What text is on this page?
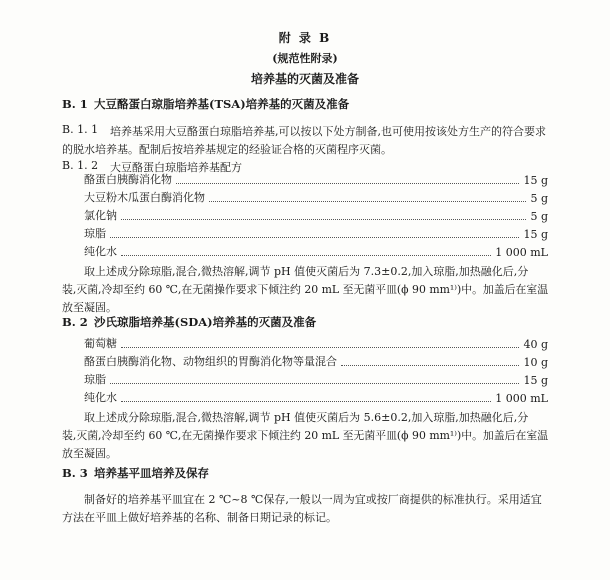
附 录 B
(规范性附录)
培养基的灭菌及准备
B. 1 大豆酪蛋白琼脂培养基(TSA)培养基的灭菌及准备
B. 1. 1 培养基采用大豆酪蛋白琼脂培养基,可以按以下处方制备,也可使用按该处方生产的符合要求
的脱水培养基。配制后按培养基规定的经验证合格的灭菌程序灭菌。
B. 1. 2 大豆酪蛋白琼脂培养基配方
酪蛋白胰酶消化物	15 g
大豆粉木瓜蛋白酶消化物	5 g
氯化钠	5 g
琼脂	15 g
纯化水	1 000 mL
取上述成分除琼脂,混合,微热溶解,调节 pH 值使灭菌后为 7.3±0.2,加入琼脂,加热融化后,分
装,灭菌,冷却至约 60 ℃,在无菌操作要求下倾注约 20 mL 至无菌平皿(ϕ 90 mm¹⁾)中。加盖后在室温
放至凝固。
B. 2 沙氏琼脂培养基(SDA)培养基的灭菌及准备
葡萄糖	40 g
酪蛋白胰酶消化物、动物组织的胃酶消化物等量混合	10 g
琼脂	15 g
纯化水	1 000 mL
取上述成分除琼脂,混合,微热溶解,调节 pH 值使灭菌后为 5.6±0.2,加入琼脂,加热融化后,分
装,灭菌,冷却至约 60 ℃,在无菌操作要求下倾注约 20 mL 至无菌平皿(ϕ 90 mm¹⁾)中。加盖后在室温
放至凝固。
B. 3 培养基平皿培养及保存
制备好的培养基平皿宜在 2 ℃~8 ℃保存,一般以一周为宜或按厂商提供的标准执行。采用适宜
方法在平皿上做好培养基的名称、制备日期记录的标记。
